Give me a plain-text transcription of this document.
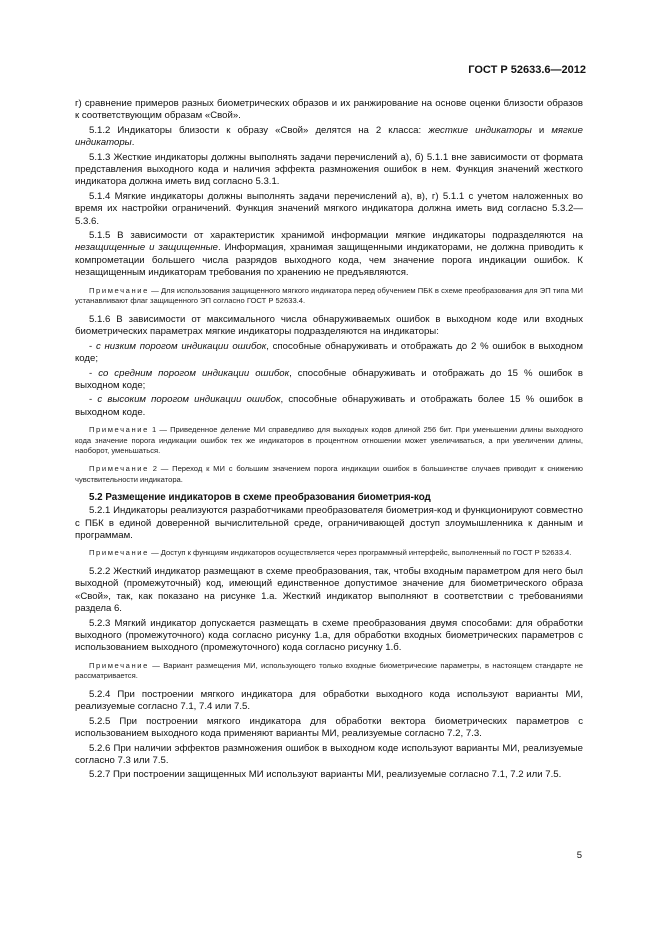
ГОСТ Р 52633.6—2012
г) сравнение примеров разных биометрических образов и их ранжирование на основе оценки близости образов к соответствующим образам «Свой».
5.1.2 Индикаторы близости к образу «Свой» делятся на 2 класса: жесткие индикаторы и мягкие индикаторы.
5.1.3 Жесткие индикаторы должны выполнять задачи перечислений а), б) 5.1.1 вне зависимости от формата представления выходного кода и наличия эффекта размножения ошибок в нем. Функция значений жесткого индикатора должна иметь вид согласно 5.3.1.
5.1.4 Мягкие индикаторы должны выполнять задачи перечислений а), в), г) 5.1.1 с учетом наложенных во время их настройки ограничений. Функция значений мягкого индикатора должна иметь вид согласно 5.3.2—5.3.6.
5.1.5 В зависимости от характеристик хранимой информации мягкие индикаторы подразделяются на незащищенные и защищенные. Информация, хранимая защищенными индикаторами, не должна приводить к компрометации большего числа разрядов выходного кода, чем значение порога индикации ошибок. К незащищенным индикаторам требования по хранению не предъявляются.
Примечание — Для использования защищенного мягкого индикатора перед обучением ПБК в схеме преобразования для ЭП типа МИ устанавливают флаг защищенного ЭП согласно ГОСТ Р 52633.4.
5.1.6 В зависимости от максимального числа обнаруживаемых ошибок в выходном коде или входных биометрических параметрах мягкие индикаторы подразделяются на индикаторы:
- с низким порогом индикации ошибок, способные обнаруживать и отображать до 2 % ошибок в выходном коде;
- со средним порогом индикации ошибок, способные обнаруживать и отображать до 15 % ошибок в выходном коде;
- с высоким порогом индикации ошибок, способные обнаруживать и отображать более 15 % ошибок в выходном коде.
Примечание 1 — Приведенное деление МИ справедливо для выходных кодов длиной 256 бит. При уменьшении длины выходного кода значение порога индикации ошибок тех же индикаторов в процентном отношении может увеличиваться, а при увеличении длины, наоборот, уменьшаться.
Примечание 2 — Переход к МИ с большим значением порога индикации ошибок в большинстве случаев приводит к снижению чувствительности индикатора.
5.2 Размещение индикаторов в схеме преобразования биометрия-код
5.2.1 Индикаторы реализуются разработчиками преобразователя биометрия-код и функционируют совместно с ПБК в единой доверенной вычислительной среде, ограничивающей доступ злоумышленника к данным и программам.
Примечание — Доступ к функциям индикаторов осуществляется через программный интерфейс, выполненный по ГОСТ Р 52633.4.
5.2.2 Жесткий индикатор размещают в схеме преобразования, так, чтобы входным параметром для него был выходной (промежуточный) код, имеющий единственное допустимое значение для биометрического образа «Свой», так, как показано на рисунке 1.а. Жесткий индикатор выполняют в соответствии с требованиями раздела 6.
5.2.3 Мягкий индикатор допускается размещать в схеме преобразования двумя способами: для обработки выходного (промежуточного) кода согласно рисунку 1.а, для обработки входных биометрических параметров с использованием выходного (промежуточного) кода согласно рисунку 1.б.
Примечание — Вариант размещения МИ, использующего только входные биометрические параметры, в настоящем стандарте не рассматривается.
5.2.4 При построении мягкого индикатора для обработки выходного кода используют варианты МИ, реализуемые согласно 7.1, 7.4 или 7.5.
5.2.5 При построении мягкого индикатора для обработки вектора биометрических параметров с использованием выходного кода применяют варианты МИ, реализуемые согласно 7.2, 7.3.
5.2.6 При наличии эффектов размножения ошибок в выходном коде используют варианты МИ, реализуемые согласно 7.3 или 7.5.
5.2.7 При построении защищенных МИ используют варианты МИ, реализуемые согласно 7.1, 7.2 или 7.5.
5
